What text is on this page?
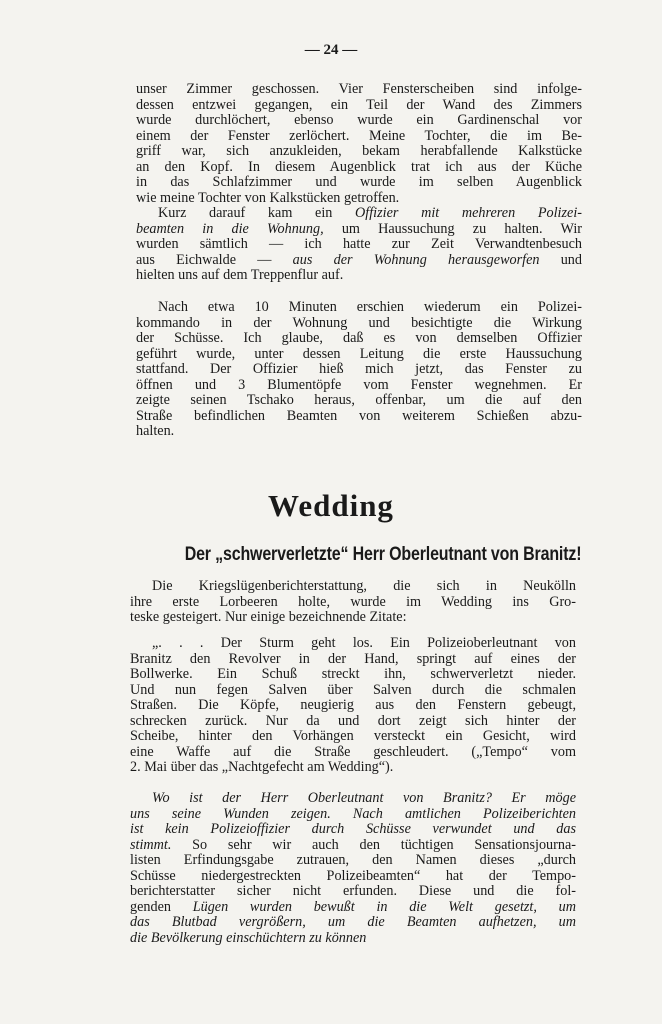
— 24 —
unser Zimmer geschossen. Vier Fensterscheiben sind infolge-
dessen entzwei gegangen, ein Teil der Wand des Zimmers
wurde durchlöchert, ebenso wurde ein Gardinenschal vor
einem der Fenster zerlöchert. Meine Tochter, die im Be-
griff war, sich anzukleiden, bekam herabfallende Kalkstücke
an den Kopf. In diesem Augenblick trat ich aus der Küche
in das Schlafzimmer und wurde im selben Augenblick
wie meine Tochter von Kalkstücken getroffen.
Kurz darauf kam ein Offizier mit mehreren Polizei-
beamten in die Wohnung, um Haussuchung zu halten. Wir
wurden sämtlich — ich hatte zur Zeit Verwandtenbesuch
aus Eichwalde — aus der Wohnung herausgeworfen und
hielten uns auf dem Treppenflur auf.
Nach etwa 10 Minuten erschien wiederum ein Polizei-
kommando in der Wohnung und besichtigte die Wirkung
der Schüsse. Ich glaube, daß es von demselben Offizier
geführt wurde, unter dessen Leitung die erste Haussuchung
stattfand. Der Offizier hieß mich jetzt, das Fenster zu
öffnen und 3 Blumentöpfe vom Fenster wegnehmen. Er
zeigte seinen Tschako heraus, offenbar, um die auf den
Straße befindlichen Beamten von weiterem Schießen abzu-
halten.
Wedding
Der „schwerverletzte“ Herr Oberleutnant von Branitz!
Die Kriegslügenberichterstattung, die sich in Neukölln
ihre erste Lorbeeren holte, wurde im Wedding ins Gro-
teske gesteigert. Nur einige bezeichnende Zitate:
„. . . Der Sturm geht los. Ein Polizeioberleutnant von
Branitz den Revolver in der Hand, springt auf eines der
Bollwerke. Ein Schuß streckt ihn, schwerverletzt nieder.
Und nun fegen Salven über Salven durch die schmalen
Straßen. Die Köpfe, neugierig aus den Fenstern gebeugt,
schrecken zurück. Nur da und dort zeigt sich hinter der
Scheibe, hinter den Vorhängen versteckt ein Gesicht, wird
eine Waffe auf die Straße geschleudert. („Tempo“ vom
2. Mai über das „Nachtgefecht am Wedding“).
Wo ist der Herr Oberleutnant von Branitz? Er möge
uns seine Wunden zeigen. Nach amtlichen Polizeiberichten
ist kein Polizeioffizier durch Schüsse verwundet und das
stimmt. So sehr wir auch den tüchtigen Sensationsjourna-
listen Erfindungsgabe zutrauen, den Namen dieses „durch
Schüsse niedergestreckten Polizeibeamten“ hat der Tempo-
berichterstatter sicher nicht erfunden. Diese und die fol-
genden Lügen wurden bewußt in die Welt gesetzt, um
das Blutbad vergrößern, um die Beamten aufhetzen, um
die Bevölkerung einschüchtern zu können
